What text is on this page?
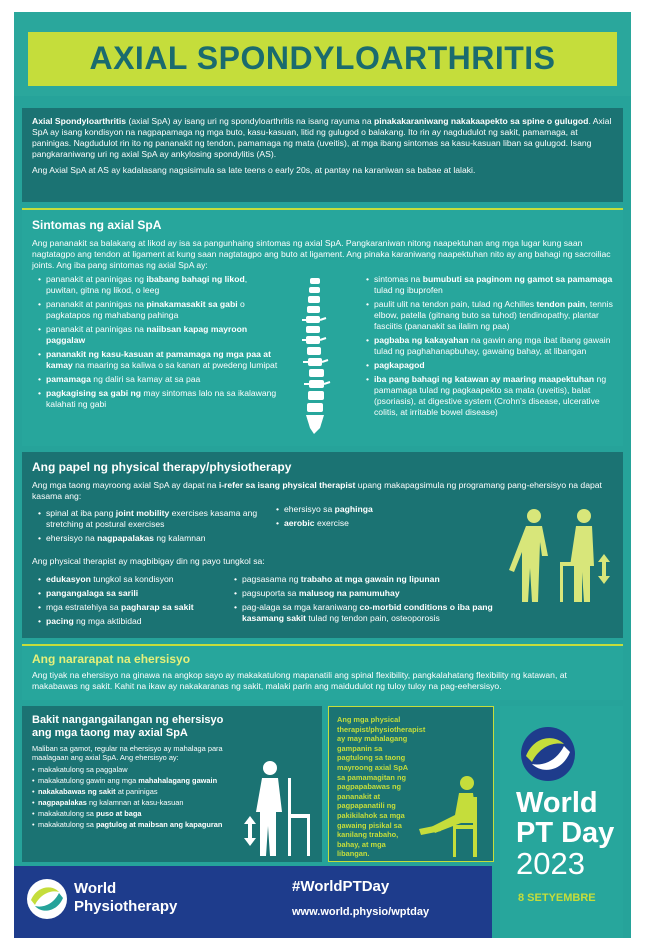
AXIAL SPONDYLOARTHRITIS

Axial Spondyloarthritis (axial SpA) ay isang uri ng spondyloarthritis na isang rayuma na pinakakaraniwang nakakaapekto sa spine o gulugod. Axial SpA ay isang kondisyon na nagpapamaga ng mga buto, kasu-kasuan, litid ng gulugod o balakang. Ito rin ay nagdudulot ng sakit, pamamaga, at paninigas. Nagdudulot rin ito ng pananakit ng tendon, pamamaga ng mata (uveitis), at mga ibang sintomas sa kasu-kasuan liban sa gulugod. Isang pangkaraniwang uri ng axial SpA ay ankylosing spondylitis (AS).

Ang Axial SpA at AS ay kadalasang nagsisimula sa late teens o early 20s, at pantay na karaniwan sa babae at lalaki.

Sintomas ng axial SpA

Ang pananakit sa balakang at likod ay isa sa pangunhaing sintomas ng axial SpA. Pangkaraniwan nitong naapektuhan ang mga lugar kung saan nagtatagpo ang tendon at ligament at kung saan nagtatagpo ang buto at ligament. Ang pinaka karaniwang naapektuhan nito ay ang bahagi ng sacroiliac joints. Ang iba pang sintomas ng axial SpA ay:

• pananakit at paninigas ng ibabang bahagi ng likod, puwitan, gitna ng likod, o leeg
• pananakit at paninigas na pinakamasakit sa gabi o pagkatapos ng mahabang pahinga
• pananakit at paninigas na naiibsan kapag mayroon paggalaw
• pananakit ng kasu-kasuan at pamamaga ng mga paa at kamay na maaring sa kaliwa o sa kanan at pwedeng lumipat
• pamamaga ng daliri sa kamay at sa paa
• pagkagising sa gabi ng may sintomas lalo na sa ikalawang kalahati ng gabi
• sintomas na bumubuti sa paginom ng gamot sa pamamaga tulad ng ibuprofen
• paulit ulit na tendon pain, tulad ng Achilles tendon pain, tennis elbow, patella (gitnang buto sa tuhod) tendinopathy, plantar fasciitis (pananakit sa ilalim ng paa)
• pagbaba ng kakayahan na gawin ang mga ibat ibang gawain tulad ng paghahanapbuhay, gawaing bahay, at libangan
• pagkapagod
• iba pang bahagi ng katawan ay maaring maapektuhan ng pamamaga tulad ng pagkaapekto sa mata (uveitis), balat (psoriasis), at digestive system (Crohn's disease, ulcerative colitis, at irritable bowel disease)
Ang papel ng physical therapy/physiotherapy

Ang mga taong mayroong axial SpA ay dapat na i-refer sa isang physical therapist upang makapagsimula ng programang pang-ehersisyo na dapat kasama ang:

• spinal at iba pang joint mobility exercises kasama ang stretching at postural exercises
• ehersisyo na nagpapalakas ng kalamnan
• ehersisyo sa paghinga
• aerobic exercise

Ang physical therapist ay magbibigay din ng payo tungkol sa:

• edukasyon tungkol sa kondisyon
• pangangalaga sa sarili
• mga estratehiya sa pagharap sa sakit
• pacing ng mga aktibidad
• pagsasama ng trabaho at mga gawain ng lipunan
• pagsuporta sa malusog na pamumuhay
• pag-alaga sa mga karaniwang co-morbid conditions o iba pang kasamang sakit tulad ng tendon pain, osteoporosis
Ang nararapat na ehersisyo

Ang tiyak na ehersisyo na ginawa na angkop sayo ay makakatulong mapanatili ang spinal flexibility, pangkalahatang flexibility ng katawan, at makabawas ng sakit. Kahit na ikaw ay nakakaranas ng sakit, malaki parin ang maidudulot ng tuloy tuloy na pag-eehersisyo.

Bakit nangangailangan ng ehersisyo ang mga taong may axial SpA

Maliban sa gamot, regular na ehersisyo ay mahalaga para maalagaan ang axial SpA. Ang ehersisyo ay:

• makakatulong sa paggalaw
• makakatulong gawin ang mga mahahalagang gawain
• nakakabawas ng sakit at paninigas
• nagpapalakas ng kalamnan at kasu-kasuan
• makakatulong sa puso at baga
• makakatulong sa pagtulog at maibsan ang kapaguran

Ang mga physical therapist/physiotherapist ay may mahalagang gampanin sa pagtulong sa taong mayroong axial SpA sa pamamagitan ng pagpapabawas ng pananakit at pagpapanatili ng pakikilahok sa mga gawaing pisikal sa kanilang trabaho, bahay, at mga libangan.

World
PT Day
2023
8 SETYEMBRE
World
Physiotherapy
#WorldPTDay
www.world.physio/wptday
